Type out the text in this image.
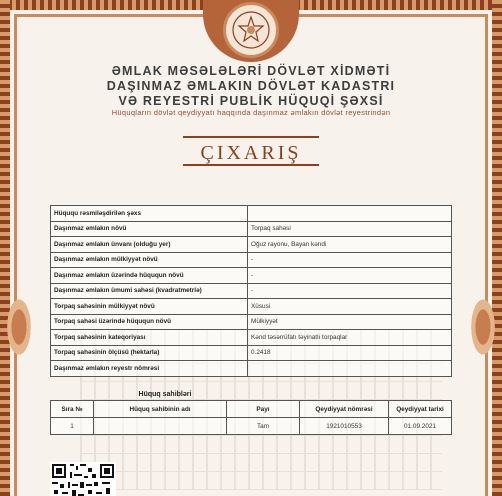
ƏMLAK MƏSƏLƏLƏRİ DÖVLƏT XİDMƏTİ
DAŞINMAZ ƏMLAKIN DÖVLƏT KADASTRI
VƏ REYESTRİ PUBLİK HÜQUQİ ŞƏXSİ
Hüquqların dövlət qeydiyyatı haqqında daşınmaz əmlakın dövlət reyestrindən
ÇIXARIŞ
Hüququ rəsmiləşdirilən şəxs	
Daşınmaz əmlakın növü	Torpaq sahəsi
Daşınmaz əmlakın ünvanı (olduğu yer)	Oğuz rayonu, Bayan kəndi
Daşınmaz əmlakın mülkiyyət növü	-
Daşınmaz əmlakın üzərində hüququn növü	-
Daşınmaz əmlakın ümumi sahəsi (kvadratmetrlə)	-
Torpaq sahəsinin mülkiyyət növü	Xüsusi
Torpaq sahəsi üzərində hüququn növü	Mülkiyyət
Torpaq sahəsinin kateqoriyası	Kənd təsərrüfatı təyinatlı torpaqlar
Torpaq sahəsinin ölçüsü (hektarla)	0.2418
Daşınmaz əmlakın reyestr nömrəsi	
Hüquq sahibləri
Sıra №	Hüquq sahibinin adı	Payı	Qeydiyyat nömrəsi	Qeydiyyat tarixi
1		Tam	1921010553	01.09.2021
